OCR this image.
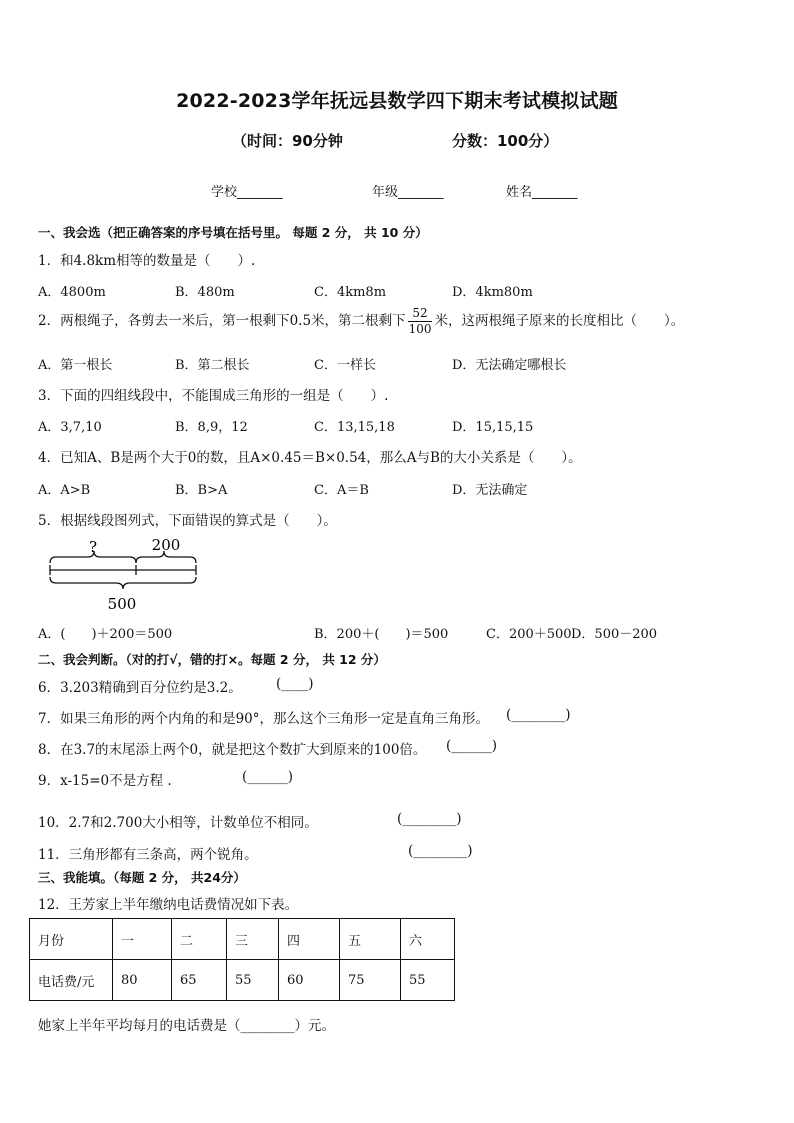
2022-2023学年抚远县数学四下期末考试模拟试题
（时间：90分钟	分数：100分）
学校_______	年级_______	姓名_______
一、我会选（把正确答案的序号填在括号里。 每题 2 分， 共 10 分）
1．和4.8km相等的数量是（　　）.
A．4800m	B．480m	C．4km8m	D．4km80m
2．两根绳子，各剪去一米后，第一根剩下0.5米，第二根剩下 $\frac{52}{100}$ 米，这两根绳子原来的长度相比（　　）。
A．第一根长	B．第二根长	C．一样长	D．无法确定哪根长
3．下面的四组线段中，不能围成三角形的一组是（　　）.
A．3,7,10	B．8,9，12	C．13,15,18	D．15,15,15
4．已知A、B是两个大于0的数，且A×0.45＝B×0.54，那么A与B的大小关系是（　　）。
A．A>B	B．B>A	C．A＝B	D．无法确定
5．根据线段图列式，下面错误的算式是（　　）。
?	200
500
A．(　　)＋200＝500	B．200＋(　　)＝500	C．200＋500 D．500－200
二、我会判断。（对的打√，错的打×。每题 2 分， 共 12 分）
6．3.203精确到百分位约是3.2。	(____)
7．如果三角形的两个内角的和是90°，那么这个三角形一定是直角三角形。 (________)
8．在3.7的末尾添上两个0，就是把这个数扩大到原来的100倍。 (______)
9．x-15=0不是方程 .	(______)
10．2.7和2.700大小相等，计数单位不相同。	(________)
11．三角形都有三条高，两个锐角。	(________)
三、我能填。（每题 2 分， 共24分）
12．王芳家上半年缴纳电话费情况如下表。
月份	一	二	三	四	五	六
电话费/元	80	65	55	60	75	55
她家上半年平均每月的电话费是（________）元。
